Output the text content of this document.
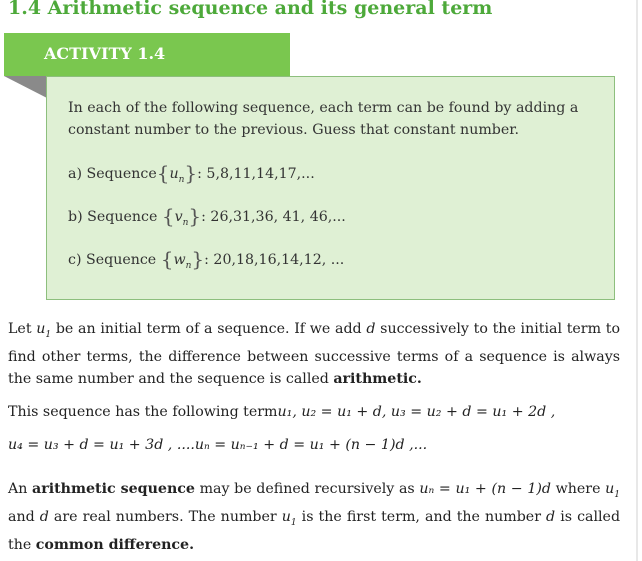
1.4 Arithmetic sequence and its general term
ACTIVITY 1.4
In each of the following sequence, each term can be found by adding a constant number to the previous. Guess that constant number.
a) $Sequence\{u_n\}$: 5,8,11,14,17,...
b) Sequence $\{v_n\}$: 26,31,36, 41, 46,...
c) Sequence $\{w_n\}$: 20,18,16,14,12, ...
Let $u_1$ be an initial term of a sequence. If we add d successively to the initial term to find other terms, the difference between successive terms of a sequence is always the same number and the sequence is called arithmetic.
This sequence has the following termu₁, u₂ = u₁ + d, u₃ = u₂ + d = u₁ + 2d ,
u₄ = u₃ + d = u₁ + 3d , ....uₙ = uₙ₋₁ + d = u₁ + (n − 1)d ,...
An arithmetic sequence may be defined recursively as uₙ = u₁ + (n − 1)d where $u_1$ and d are real numbers. The number $u_1$ is the first term, and the number d is called the common difference.
